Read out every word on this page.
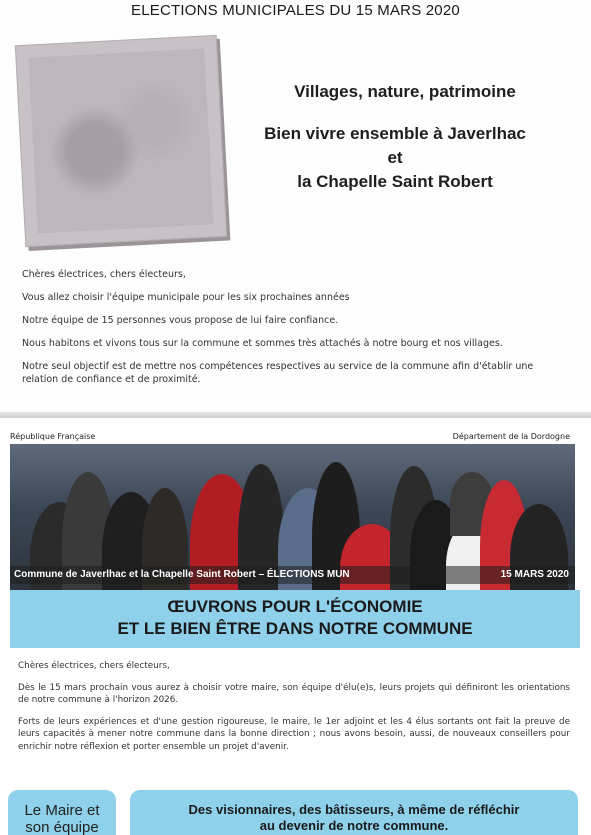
ELECTIONS MUNICIPALES DU 15 MARS 2020
Villages, nature, patrimoine
Bien vivre ensemble à Javerlhac
et
la Chapelle Saint Robert

Chères électrices, chers électeurs,

Vous allez choisir l'équipe municipale pour les six prochaines années

Notre équipe de 15 personnes vous propose de lui faire confiance.

Nous habitons et vivons tous sur la commune et sommes très attachés à notre bourg et nos villages.

Notre seul objectif est de mettre nos compétences respectives au service de la commune afin d'établir une relation de confiance et de proximité.

République Française	Département de la Dordogne
Commune de Javerlhac et la Chapelle Saint Robert – ÉLECTIONS MUN	15 MARS 2020
ŒUVRONS POUR L'ÉCONOMIE
ET LE BIEN ÊTRE DANS NOTRE COMMUNE

Chères électrices, chers électeurs,

Dès le 15 mars prochain vous aurez à choisir votre maire, son équipe d'élu(e)s, leurs projets qui définiront les orientations de notre commune à l'horizon 2026.

Forts de leurs expériences et d'une gestion rigoureuse, le maire, le 1er adjoint et les 4 élus sortants ont fait la preuve de leurs capacités à mener notre commune dans la bonne direction ; nous avons besoin, aussi, de nouveaux conseillers pour enrichir notre réflexion et porter ensemble un projet d'avenir.

Le Maire et
son équipe
Des visionnaires, des bâtisseurs, à même de réfléchir
au devenir de notre commune.
